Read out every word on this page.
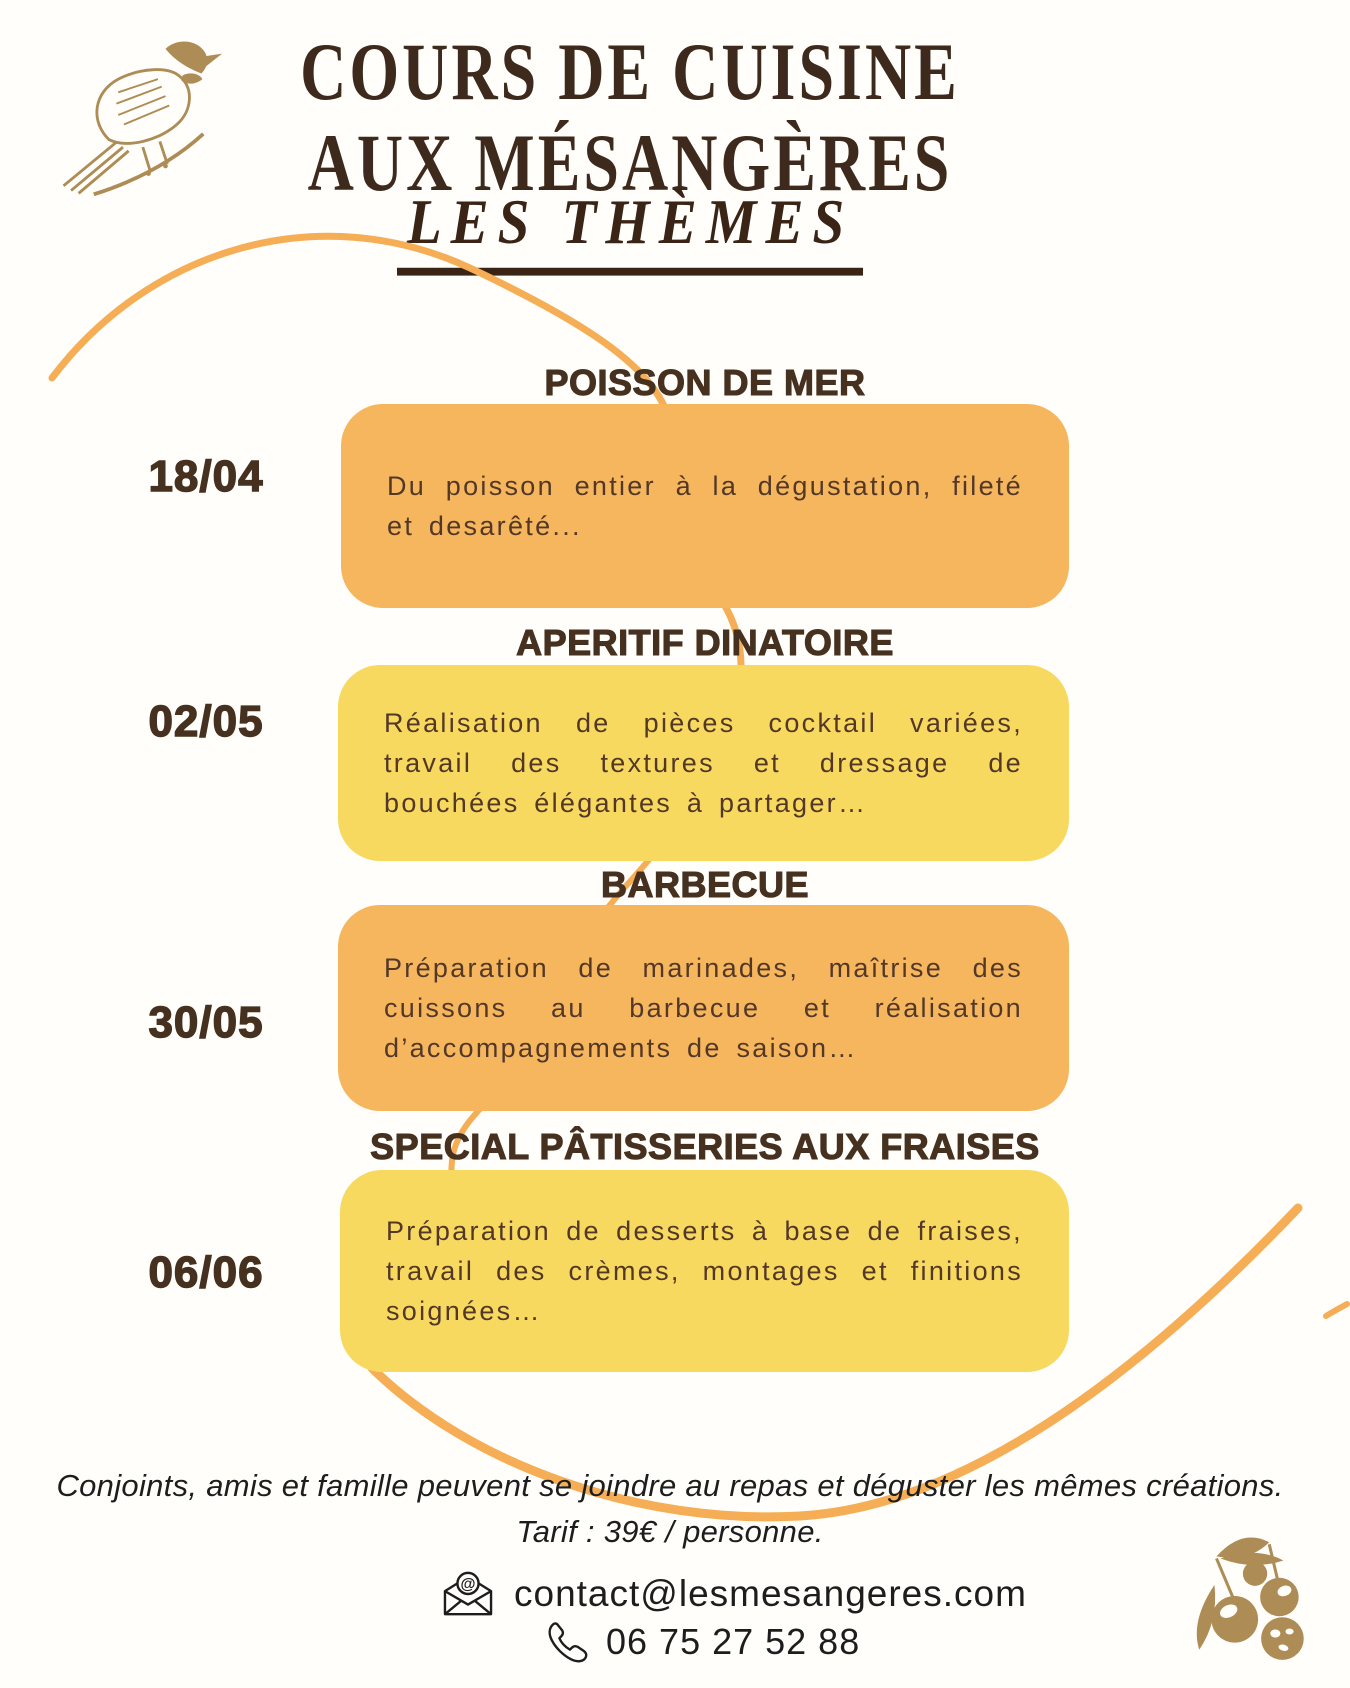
COURS DE CUISINE
AUX MÉSANGÈRES
LES THÈMES
POISSON DE MER
18/04	Du poisson entier à la dégustation, fileté et desarêté...

APERITIF DINATOIRE
02/05	Réalisation de pièces cocktail variées, travail des textures et dressage de bouchées élégantes à partager…

BARBECUE
30/05

Préparation de marinades, maîtrise des cuissons au barbecue et réalisation d’accompagnements de saison…

SPECIAL PÂTISSERIES AUX FRAISES
06/06

Préparation de desserts à base de fraises, travail des crèmes, montages et finitions soignées…

Conjoints, amis et famille peuvent se joindre au repas et déguster les mêmes créations.
Tarif : 39€ / personne.
@ contact@lesmesangeres.com
06 75 27 52 88
